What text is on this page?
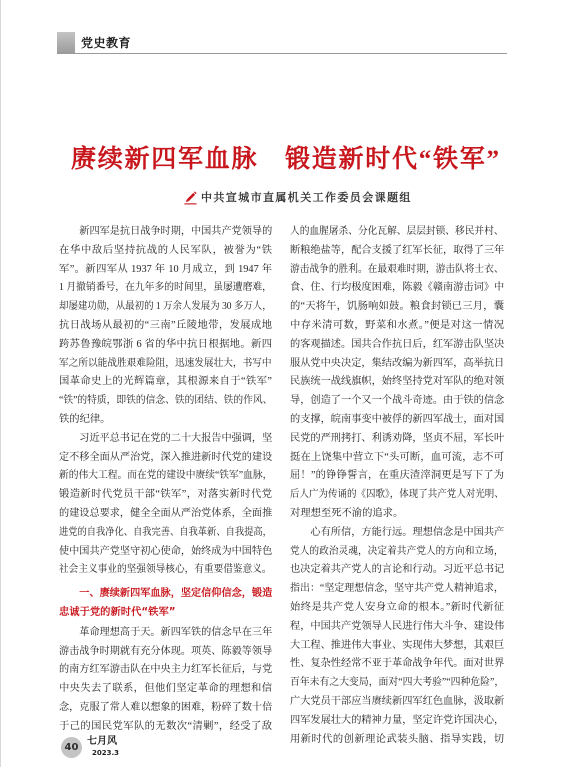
党史教育
赓续新四军血脉　锻造新时代“铁军”
中共宣城市直属机关工作委员会课题组
新四军是抗日战争时期，中国共产党领导的
在华中敌后坚持抗战的人民军队，被誉为“铁
军”。新四军从 1937 年 10 月成立，到 1947 年
1 月撤销番号，在九年多的时间里，虽屡遭磨难，
却屡建功勋，从最初的 1 万余人发展为 30 多万人，
抗日战场从最初的“三南”丘陵地带，发展成地
跨苏鲁豫皖鄂浙 6 省的华中抗日根据地。新四
军之所以能战胜艰难险阻，迅速发展壮大，书写中
国革命史上的光辉篇章，其根源来自于“铁军”
“铁”的特质，即铁的信念、铁的团结、铁的作风、
铁的纪律。
习近平总书记在党的二十大报告中强调，坚
定不移全面从严治党，深入推进新时代党的建设
新的伟大工程。而在党的建设中赓续“铁军”血脉，
锻造新时代党员干部“铁军”，对落实新时代党
的建设总要求，健全全面从严治党体系，全面推
进党的自我净化、自我完善、自我革新、自我提高，
使中国共产党坚守初心使命，始终成为中国特色
社会主义事业的坚强领导核心，有重要借鉴意义。
一、赓续新四军血脉，坚定信仰信念，锻造
忠诚于党的新时代“铁军”
革命理想高于天。新四军铁的信念早在三年
游击战争时期就有充分体现。项英、陈毅等领导
的南方红军游击队在中央主力红军长征后，与党
中央失去了联系，但他们坚定革命的理想和信
念，克服了常人难以想象的困难，粉碎了数十倍
于己的国民党军队的无数次“清剿”，经受了敌
人的血腥屠杀、分化瓦解、层层封锁、移民并村、
断粮绝盐等，配合支援了红军长征，取得了三年
游击战争的胜利。在最艰难时期，游击队将士衣、
食、住、行均极度困难，陈毅《赣南游击词》中
的“天将午，饥肠响如鼓。粮食封锁已三月，囊
中存米清可数，野菜和水煮。”便是对这一情况
的客观描述。国共合作抗日后，红军游击队坚决
服从党中央决定，集结改编为新四军，高举抗日
民族统一战线旗帜，始终坚持党对军队的绝对领
导，创造了一个又一个战斗奇迹。由于铁的信念
的支撑，皖南事变中被俘的新四军战士，面对国
民党的严刑拷打、利诱劝降，坚贞不屈，军长叶
挺在上饶集中营立下“头可断，血可流，志不可
屈！”的铮铮誓言，在重庆渣滓洞更是写下了为
后人广为传诵的《囚歌》，体现了共产党人对光明、
对理想至死不渝的追求。
心有所信，方能行远。理想信念是中国共产
党人的政治灵魂，决定着共产党人的方向和立场，
也决定着共产党人的言论和行动。习近平总书记
指出：“坚定理想信念，坚守共产党人精神追求，
始终是共产党人安身立命的根本。”新时代新征
程，中国共产党领导人民进行伟大斗争、建设伟
大工程、推进伟大事业、实现伟大梦想，其艰巨
性、复杂性经常不亚于革命战争年代。面对世界
百年未有之大变局，面对“四大考验”“四种危险”，
广大党员干部应当赓续新四军红色血脉，汲取新
四军发展壮大的精神力量，坚定许党许国决心，
用新时代的创新理论武装头脑、指导实践，切
40
七月风
2023.3
